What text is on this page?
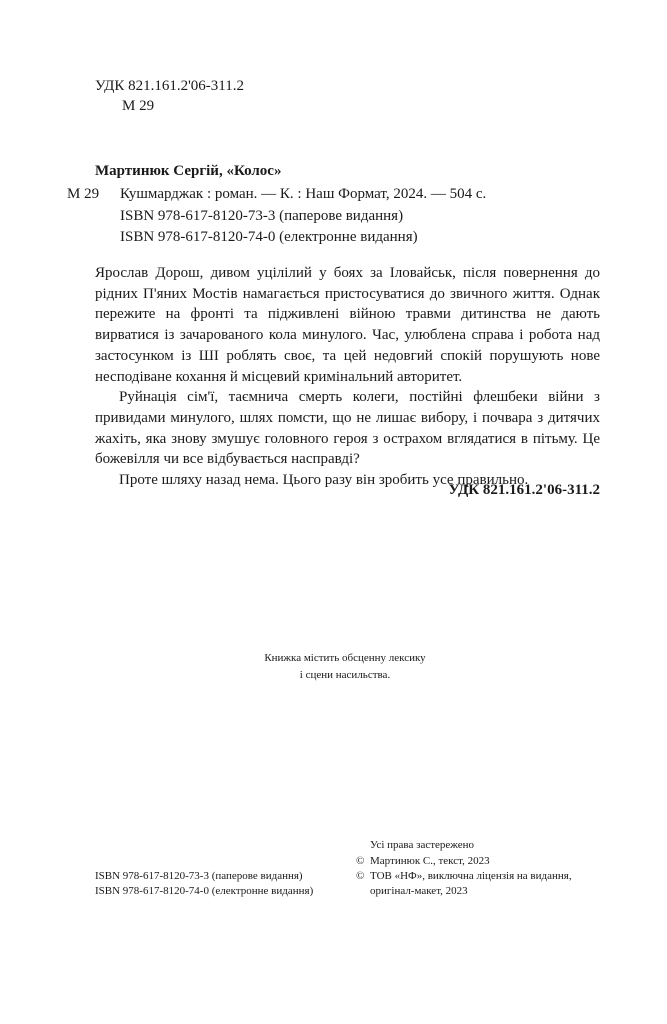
УДК 821.161.2'06-311.2
М 29
Мартинюк Сергій, «Колос»
М 29 Кушмарджак : роман. — К. : Наш Формат, 2024. — 504 с.
ISBN 978-617-8120-73-3 (паперове видання)
ISBN 978-617-8120-74-0 (електронне видання)

Ярослав Дорош, дивом уцілілий у боях за Іловайськ, після повернення до рідних П'яних Мостів намагається пристосуватися до звичного життя. Однак пережите на фронті та підживлені війною травми дитинства не дають вирватися із зачарованого кола минулого. Час, улюблена справа і робота над застосунком із ШІ роблять своє, та цей недовгий спокій порушують нове несподіване кохання й місцевий кримінальний авторитет.

Руйнація сім'ї, таємнича смерть колеги, постійні флешбеки війни з привидами минулого, шлях помсти, що не лишає вибору, і почвара з дитячих жахіть, яка знову змушує головного героя з острахом вглядатися в пітьму. Це божевілля чи все відбувається насправді?

Проте шляху назад нема. Цього разу він зробить усе правильно.

УДК 821.161.2'06-311.2
Книжка містить обсценну лексику
і сцени насильства.
Усі права застережено
© Мартинюк С., текст, 2023
© ТОВ «НФ», виключна ліцензія на видання,
оригінал-макет, 2023
ISBN 978-617-8120-73-3 (паперове видання)
ISBN 978-617-8120-74-0 (електронне видання)
